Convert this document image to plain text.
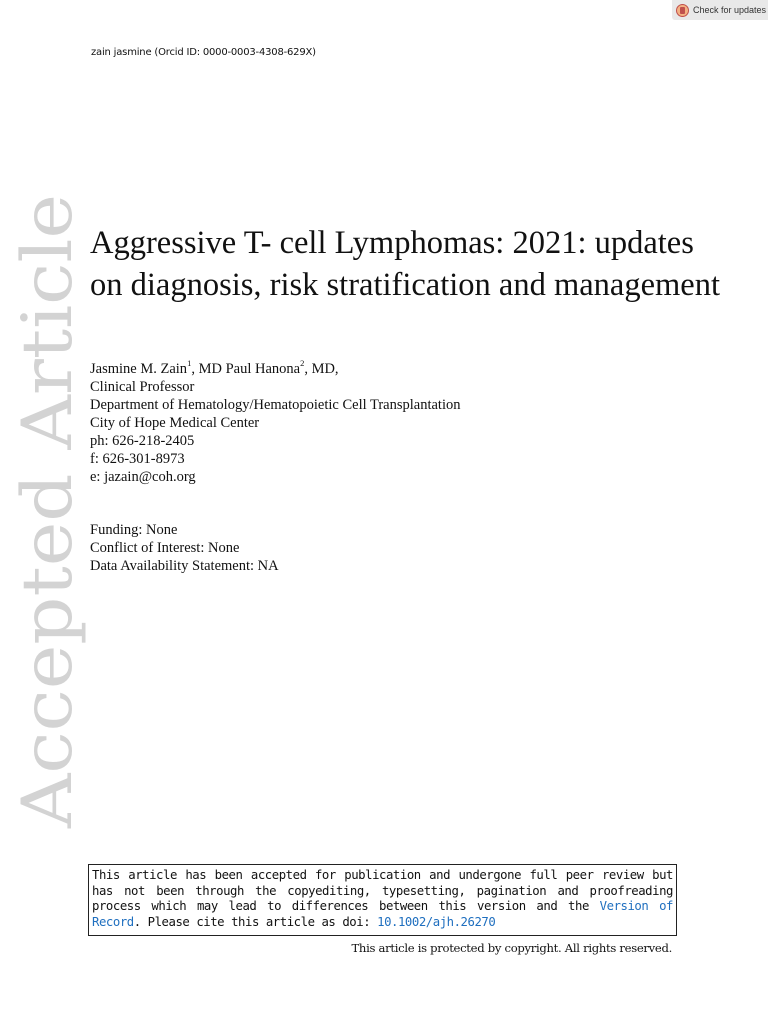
Check for updates
zain jasmine (Orcid ID: 0000-0003-4308-629X)
Accepted Article
Aggressive T- cell Lymphomas: 2021: updates on diagnosis, risk stratification and management
Jasmine M. Zain$^1$, MD Paul Hanona$^2$, MD,
Clinical Professor
Department of Hematology/Hematopoietic Cell Transplantation
City of Hope Medical Center
ph: 626-218-2405
f: 626-301-8973
e: jazain@coh.org
Funding: None
Conflict of Interest: None
Data Availability Statement: NA
This article has been accepted for publication and undergone full peer review but has not been through the copyediting, typesetting, pagination and proofreading process which may lead to differences between this version and the Version of Record. Please cite this article as doi: 10.1002/ajh.26270
This article is protected by copyright. All rights reserved.
